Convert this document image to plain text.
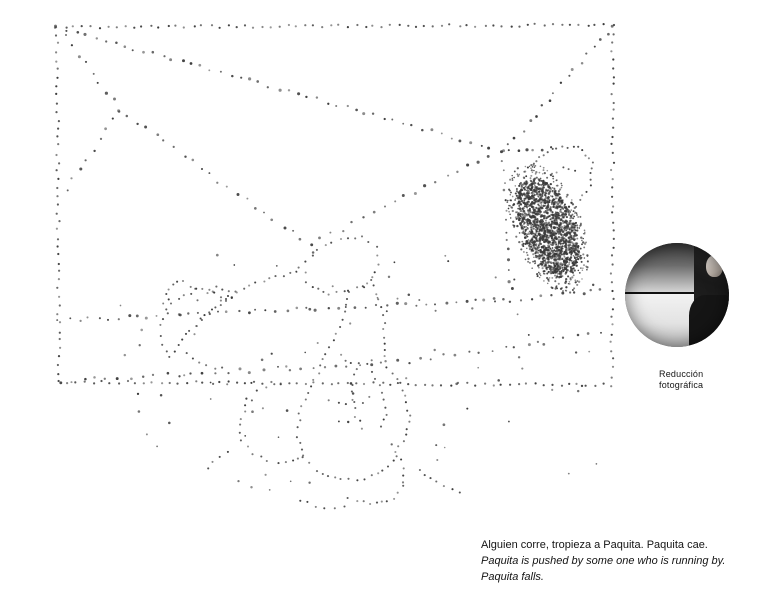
Reducción
fotográfica
Alguien corre, tropieza a Paquita. Paquita cae.
Paquita is pushed by some one who is running by.
Paquita falls.
